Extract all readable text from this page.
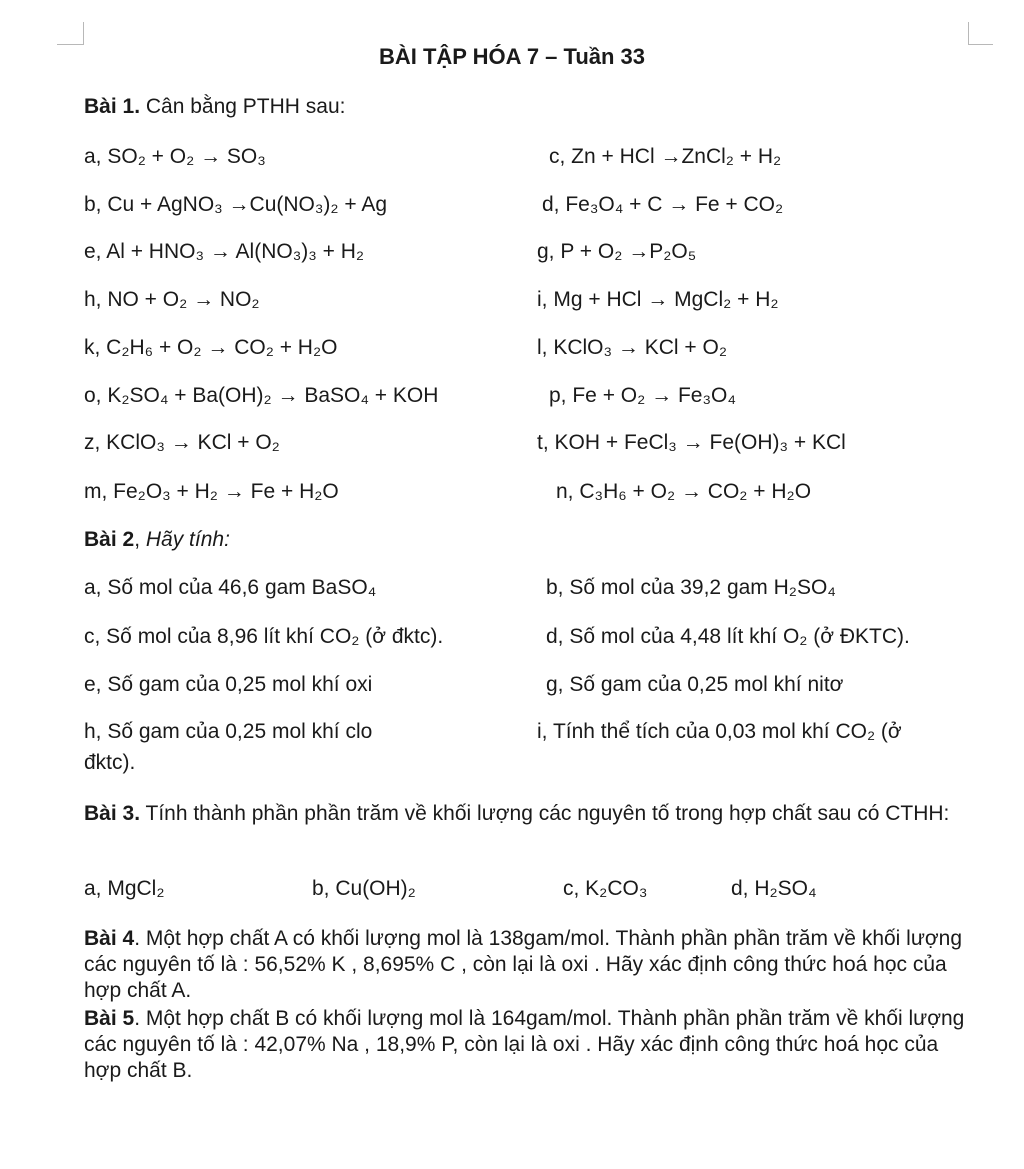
BÀI TẬP HÓA 7 – Tuần 33
Bài 1. Cân bằng PTHH sau:
a, SO₂ + O₂ → SO₃	c, Zn + HCl →ZnCl₂ + H₂
b, Cu + AgNO₃ →Cu(NO₃)₂ + Ag	d, Fe₃O₄ + C → Fe + CO₂
e, Al + HNO₃ → Al(NO₃)₃ + H₂	g, P + O₂ →P₂O₅
h, NO + O₂ → NO₂	i, Mg + HCl → MgCl₂ + H₂
k, C₂H₆ + O₂ → CO₂ + H₂O	l, KClO₃ → KCl + O₂
o, K₂SO₄ + Ba(OH)₂ → BaSO₄ + KOH	p, Fe + O₂ → Fe₃O₄
z, KClO₃ → KCl + O₂	t, KOH + FeCl₃ → Fe(OH)₃ + KCl
m, Fe₂O₃ + H₂ → Fe + H₂O	n, C₃H₆ + O₂ → CO₂ + H₂O
Bài 2, Hãy tính:
a, Số mol của 46,6 gam BaSO₄	b, Số mol của 39,2 gam H₂SO₄
c, Số mol của 8,96 lít khí CO₂ (ở đktc).	d, Số mol của 4,48 lít khí O₂ (ở ĐKTC).
e, Số gam của 0,25 mol khí oxi	g, Số gam của 0,25 mol khí nitơ
h, Số gam của 0,25 mol khí clo	i, Tính thể tích của 0,03 mol khí CO₂ (ở
đktc).
Bài 3. Tính thành phần phần trăm về khối lượng các nguyên tố trong hợp chất sau có CTHH:
a, MgCl₂	b, Cu(OH)₂	c, K₂CO₃	d, H₂SO₄
Bài 4. Một hợp chất A có khối lượng mol là 138gam/mol. Thành phần phần trăm về khối lượng các nguyên tố là : 56,52% K , 8,695% C , còn lại là oxi . Hãy xác định công thức hoá học của hợp chất A.
Bài 5. Một hợp chất B có khối lượng mol là 164gam/mol. Thành phần phần trăm về khối lượng các nguyên tố là : 42,07% Na , 18,9% P, còn lại là oxi . Hãy xác định công thức hoá học của hợp chất B.
